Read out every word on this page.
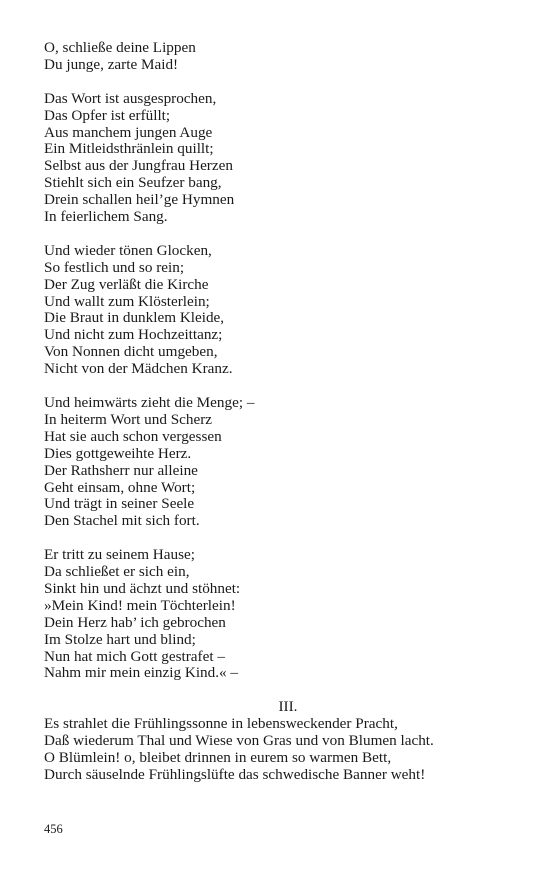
O, schließe deine Lippen
Du junge, zarte Maid!
Das Wort ist ausgesprochen,
Das Opfer ist erfüllt;
Aus manchem jungen Auge
Ein Mitleidsthränlein quillt;
Selbst aus der Jungfrau Herzen
Stiehlt sich ein Seufzer bang,
Drein schallen heil’ge Hymnen
In feierlichem Sang.
Und wieder tönen Glocken,
So festlich und so rein;
Der Zug verläßt die Kirche
Und wallt zum Klösterlein;
Die Braut in dunklem Kleide,
Und nicht zum Hochzeittanz;
Von Nonnen dicht umgeben,
Nicht von der Mädchen Kranz.
Und heimwärts zieht die Menge; –
In heiterm Wort und Scherz
Hat sie auch schon vergessen
Dies gottgeweihte Herz.
Der Rathsherr nur alleine
Geht einsam, ohne Wort;
Und trägt in seiner Seele
Den Stachel mit sich fort.
Er tritt zu seinem Hause;
Da schließet er sich ein,
Sinkt hin und ächzt und stöhnet:
»Mein Kind! mein Töchterlein!
Dein Herz hab’ ich gebrochen
Im Stolze hart und blind;
Nun hat mich Gott gestrafet –
Nahm mir mein einzig Kind.« –
III.
Es strahlet die Frühlingssonne in lebensweckender Pracht,
Daß wiederum Thal und Wiese von Gras und von Blumen lacht.
O Blümlein! o, bleibet drinnen in eurem so warmen Bett,
Durch säuselnde Frühlingslüfte das schwedische Banner weht!
456
